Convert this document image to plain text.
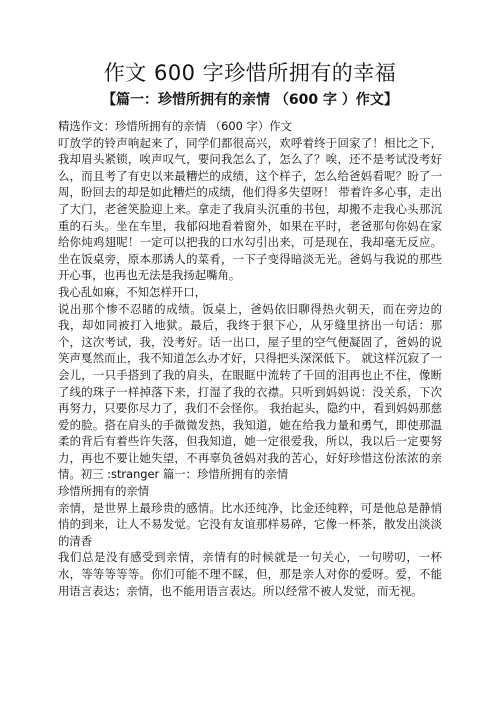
作文 600 字珍惜所拥有的幸福
【篇一：珍惜所拥有的亲情 （600 字 ）作文】

精选作文：珍惜所拥有的亲情 （600 字）作文

叮放学的铃声响起来了，同学们都很高兴，欢呼着终于回家了！相比之下，我却眉头紧锁，唉声叹气，要问我怎么了，怎么了？唉，还不是考试没考好么，而且考了有史以来最糟烂的成绩，这个样子，怎么给爸妈看呢？盼了一周，盼回去的却是如此糟烂的成绩，他们得多失望呀！ 带着许多心事，走出了大门，老爸笑脸迎上来。拿走了我肩头沉重的书包，却搬不走我心头那沉重的石头。坐在车里，我郁闷地看着窗外，如果在平时，老爸那句你妈在家给你炖鸡翅呢！一定可以把我的口水勾引出来，可是现在，我却毫无反应。 坐在饭桌旁，原本那诱人的菜肴，一下子变得暗淡无光。爸妈与我说的那些开心事，也再也无法是我扬起嘴角。

我心乱如麻，不知怎样开口，

说出那个惨不忍睹的成绩。饭桌上，爸妈依旧聊得热火朝天，而在旁边的我，却如同被打入地狱。最后，我终于狠下心，从牙缝里挤出一句话：那个，这次考试，我，没考好。话一出口，屋子里的空气便凝固了，爸妈的说笑声戛然而止，我不知道怎么办才好，只得把头深深低下。 就这样沉寂了一会儿，一只手搭到了我的肩头，在眼眶中流转了千回的泪再也止不住，像断了线的珠子一样掉落下来，打湿了我的衣襟。只听到妈妈说：没关系，下次再努力，只要你尽力了，我们不会怪你。 我抬起头，隐约中，看到妈妈那慈爱的脸。搭在肩头的手微微发热，我知道，她在给我力量和勇气，即使那温柔的背后有着些许失落，但我知道，她一定很爱我，所以，我以后一定要努力，再也不要让她失望，不再辜负爸妈对我的苦心，好好珍惜这份浓浓的亲情。初三 :stranger 篇一：珍惜所拥有的亲情

珍惜所拥有的亲情

亲情，是世界上最珍贵的感情。比水还纯净，比金还纯粹，可是他总是静悄悄的到来，让人不易发觉。它没有友谊那样易碎，它像一杯茶，散发出淡淡的清香

我们总是没有感受到亲情，亲情有的时候就是一句关心，一句唠叨，一杯水，等等等等等。你们可能不理不睬，但，那是亲人对你的爱呀。爱，不能用语言表达；亲情，也不能用语言表达。所以经常不被人发觉，而无视。
